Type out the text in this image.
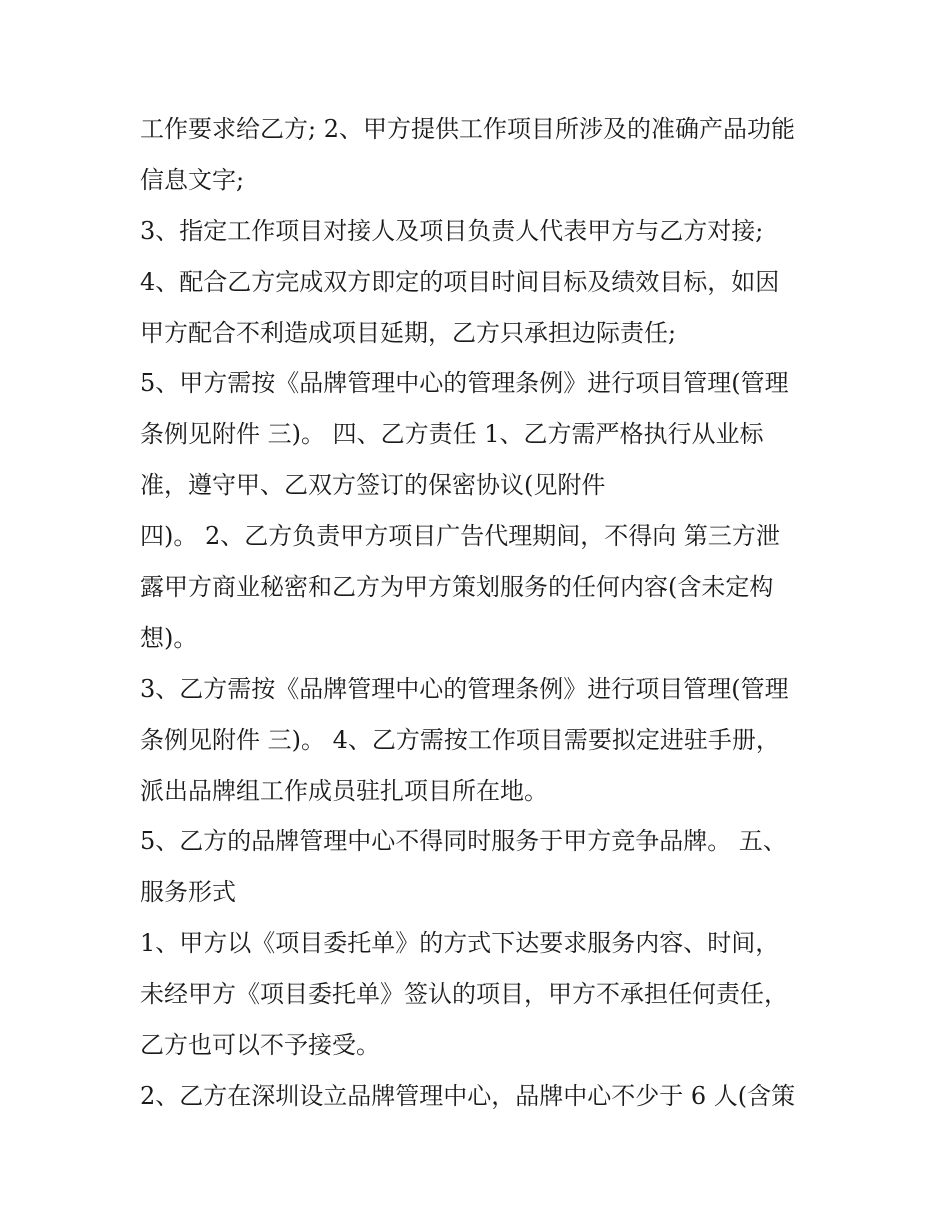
工作要求给乙方; 2、甲方提供工作项目所涉及的准确产品功能
信息文字;
3、指定工作项目对接人及项目负责人代表甲方与乙方对接;
4、配合乙方完成双方即定的项目时间目标及绩效目标，如因
甲方配合不利造成项目延期，乙方只承担边际责任;
5、甲方需按《品牌管理中心的管理条例》进行项目管理(管理
条例见附件 三)。 四、乙方责任 1、乙方需严格执行从业标
准，遵守甲、乙双方签订的保密协议(见附件
四)。 2、乙方负责甲方项目广告代理期间，不得向 第三方泄
露甲方商业秘密和乙方为甲方策划服务的任何内容(含未定构
想)。
3、乙方需按《品牌管理中心的管理条例》进行项目管理(管理
条例见附件 三)。 4、乙方需按工作项目需要拟定进驻手册，
派出品牌组工作成员驻扎项目所在地。
5、乙方的品牌管理中心不得同时服务于甲方竞争品牌。 五、
服务形式
1、甲方以《项目委托单》的方式下达要求服务内容、时间，
未经甲方《项目委托单》签认的项目，甲方不承担任何责任，
乙方也可以不予接受。
2、乙方在深圳设立品牌管理中心，品牌中心不少于 6 人(含策
